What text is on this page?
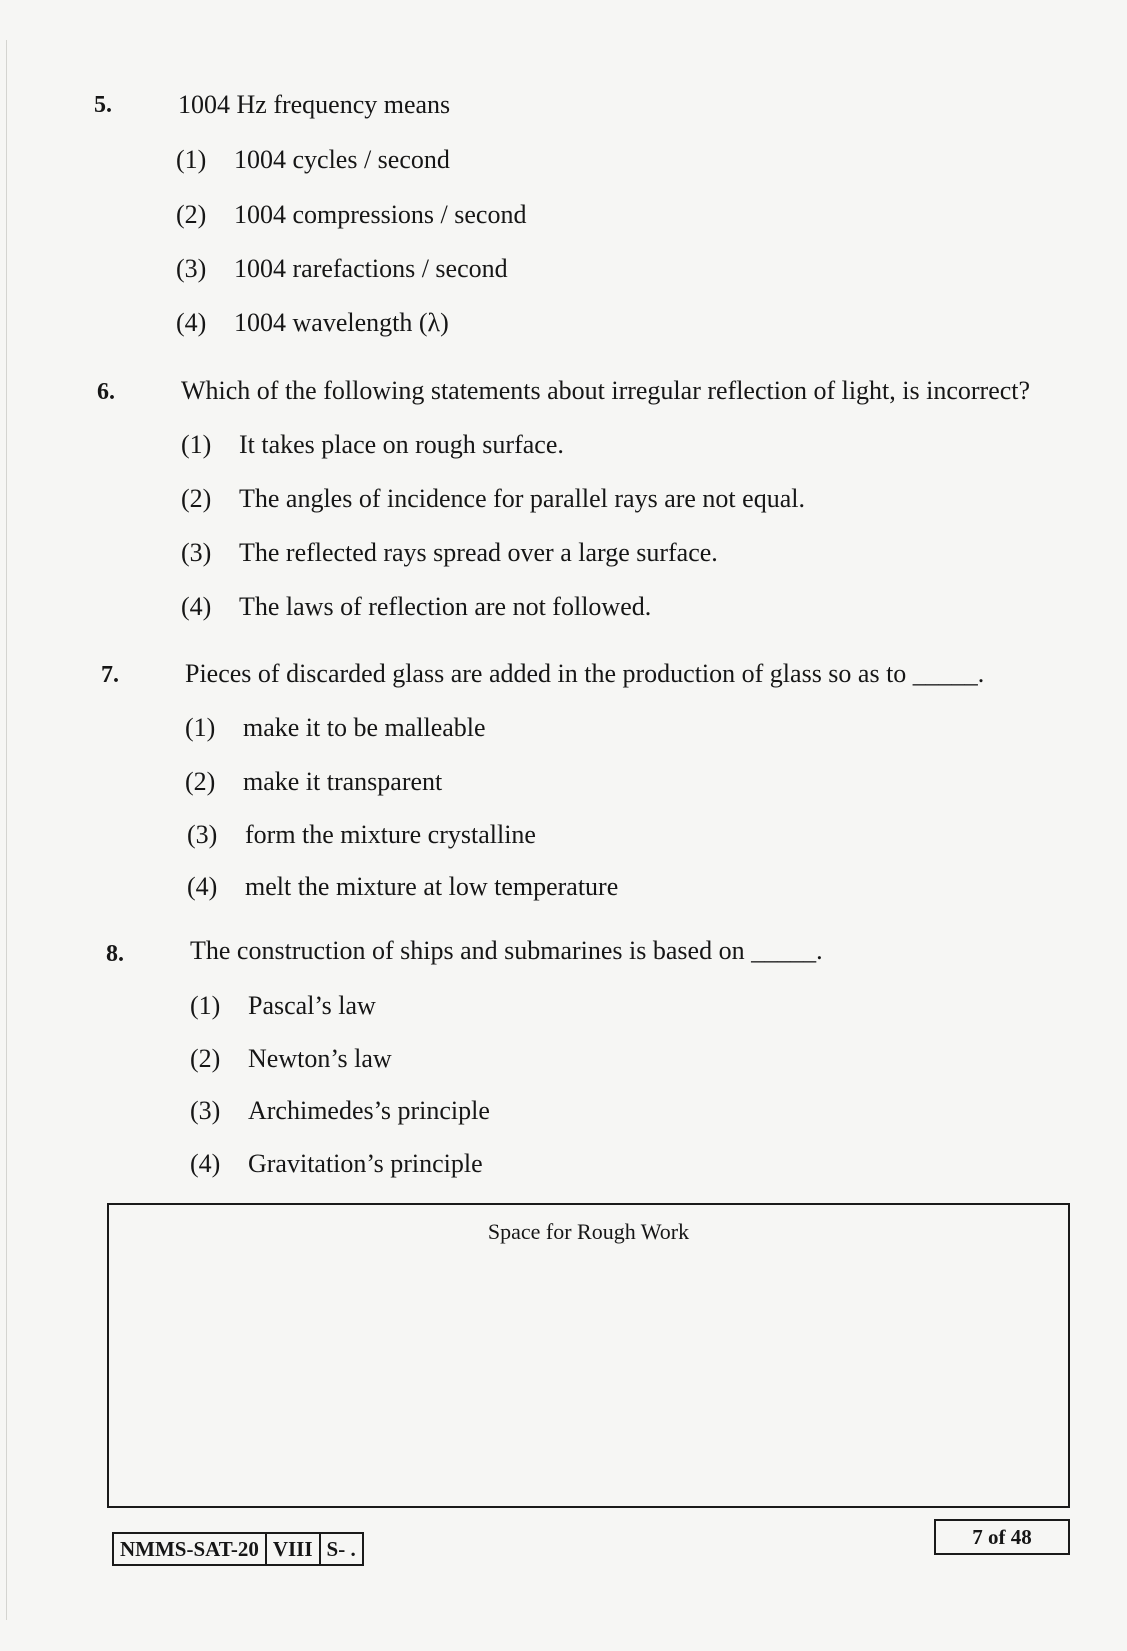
5.	1004 Hz frequency means
(1) 1004 cycles / second
(2) 1004 compressions / second
(3) 1004 rarefactions / second
(4) 1004 wavelength (λ)
6.	Which of the following statements about irregular reflection of light, is incorrect?
(1) It takes place on rough surface.
(2) The angles of incidence for parallel rays are not equal.
(3) The reflected rays spread over a large surface.
(4) The laws of reflection are not followed.
7.	Pieces of discarded glass are added in the production of glass so as to _____.
(1) make it to be malleable
(2) make it transparent
(3) form the mixture crystalline
(4) melt the mixture at low temperature
8.	The construction of ships and submarines is based on _____.
(1) Pascal’s law
(2) Newton’s law
(3) Archimedes’s principle
(4) Gravitation’s principle
Space for Rough Work
NMMS-SAT-20 VIII S- .	7 of 48
